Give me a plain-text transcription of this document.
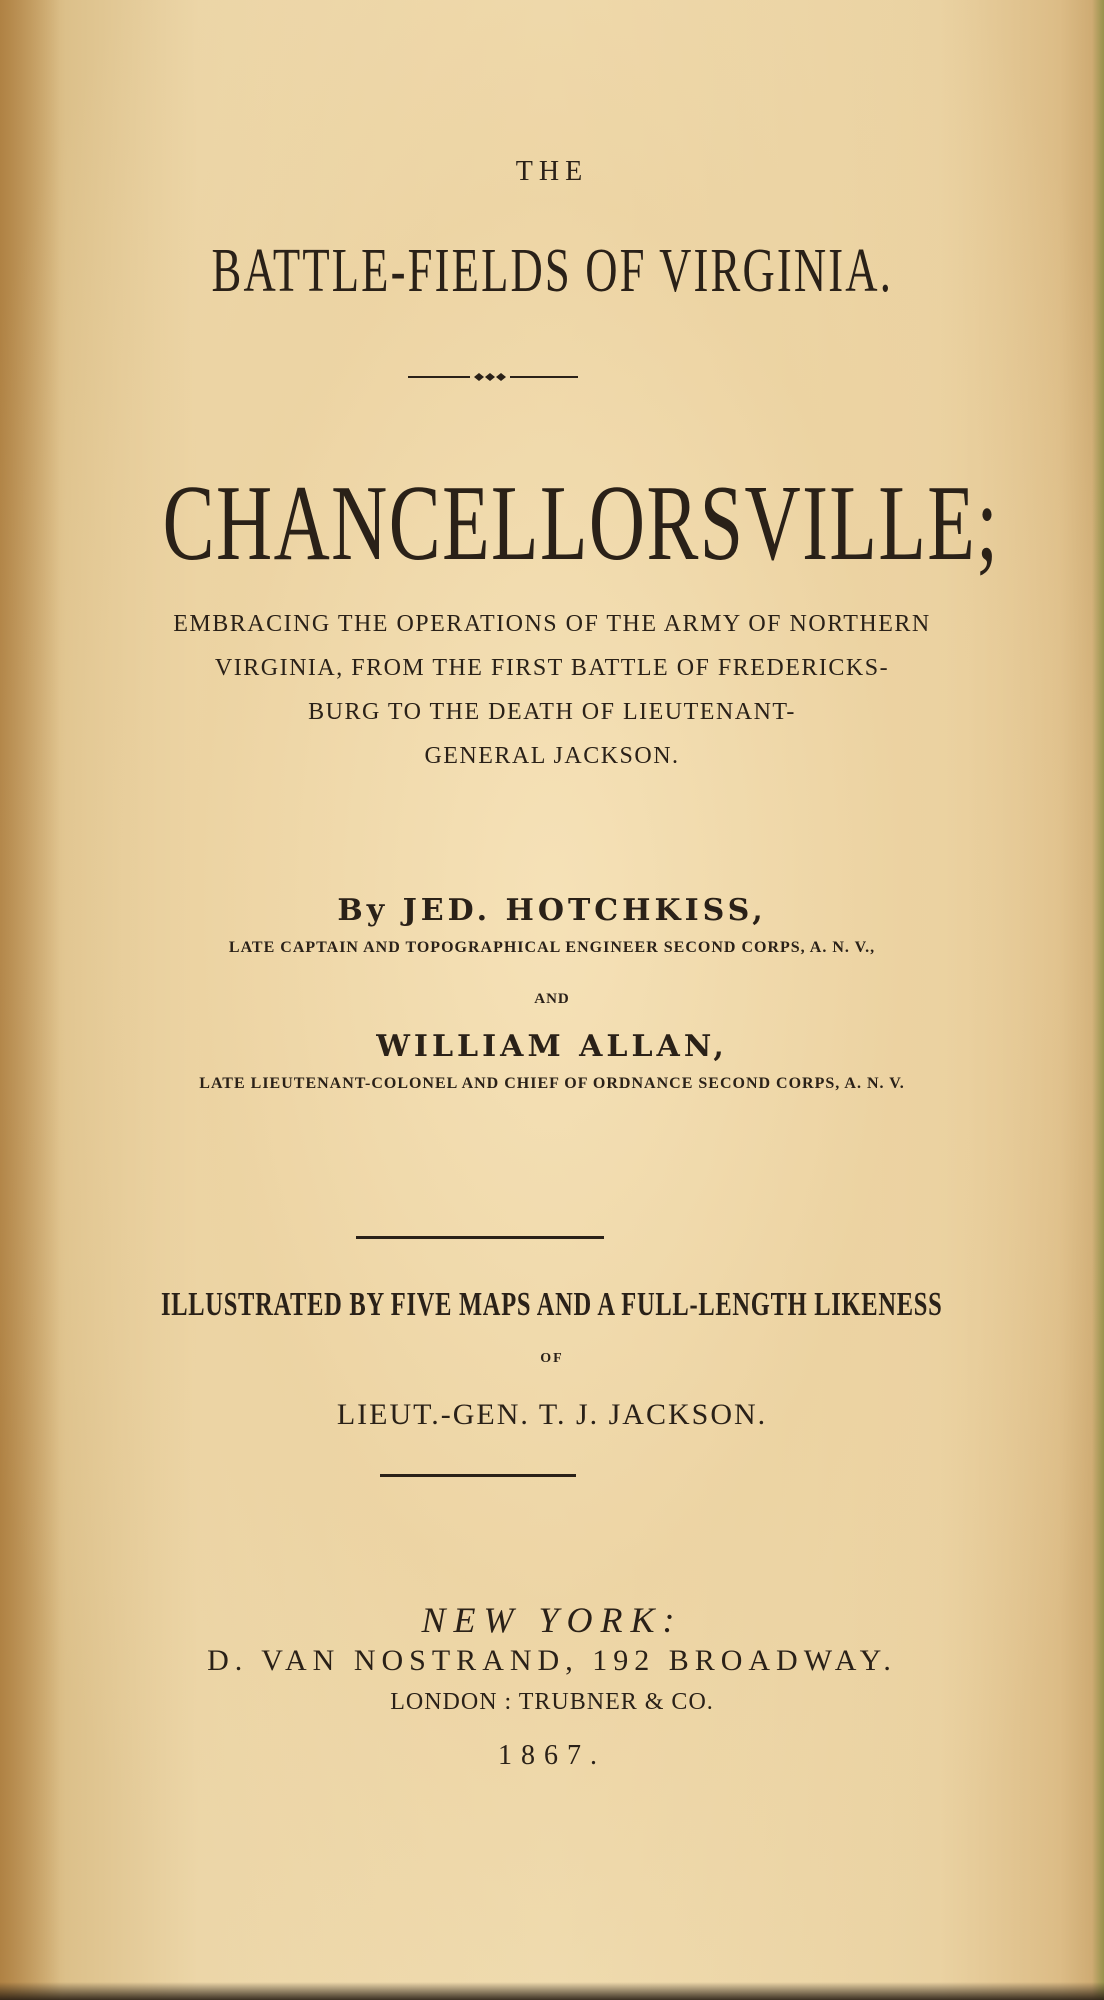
THE
BATTLE-FIELDS OF VIRGINIA.
CHANCELLORSVILLE;
EMBRACING THE OPERATIONS OF THE ARMY OF NORTHERN
VIRGINIA, FROM THE FIRST BATTLE OF FREDERICKS-
BURG TO THE DEATH OF LIEUTENANT-
GENERAL JACKSON.
By JED. HOTCHKISS,
LATE CAPTAIN AND TOPOGRAPHICAL ENGINEER SECOND CORPS, A. N. V.,
AND
WILLIAM ALLAN,
LATE LIEUTENANT-COLONEL AND CHIEF OF ORDNANCE SECOND CORPS, A. N. V.
ILLUSTRATED BY FIVE MAPS AND A FULL-LENGTH LIKENESS
OF
LIEUT.-GEN. T. J. JACKSON.
NEW YORK:
D. VAN NOSTRAND, 192 BROADWAY.
LONDON : TRUBNER & CO.
1867.
